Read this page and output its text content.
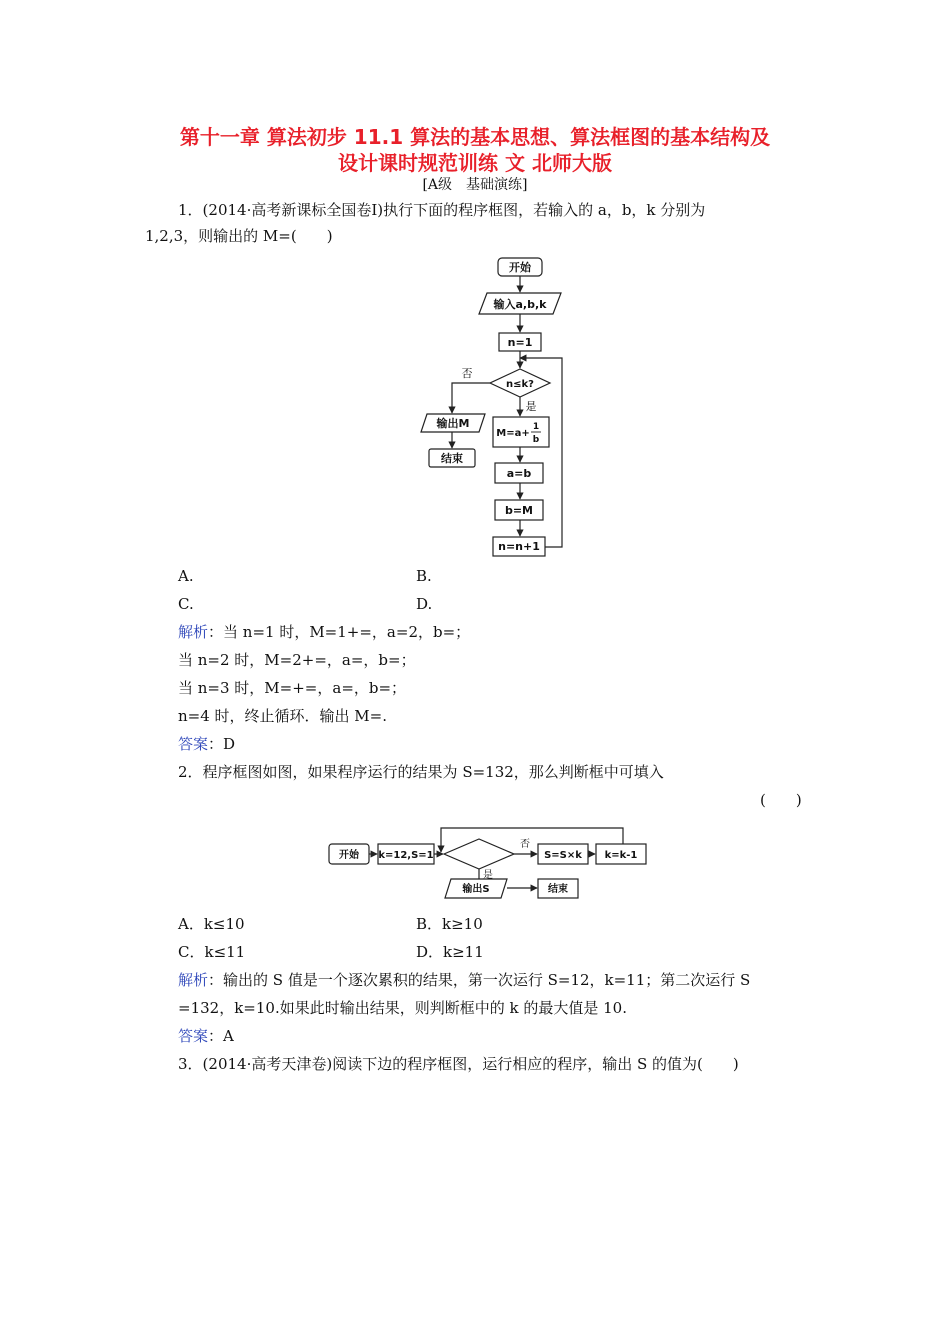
第十一章 算法初步 11.1 算法的基本思想、算法框图的基本结构及
设计课时规范训练 文 北师大版
[A级　基础演练]
1．(2014·高考新课标全国卷Ⅰ)执行下面的程序框图，若输入的 a，b，k 分别为
1,2,3，则输出的 M=(　　)
开始
输入a,b,k
n=1
n≤k?
否
是
输出M
结束
M=a+
1
b
a=b
b=M
n=n+1
A.	B.
C.	D.
解析：当 n=1 时，M=1+=，a=2，b=；
当 n=2 时，M=2+=，a=，b=；
当 n=3 时，M=+=，a=，b=；
n=4 时，终止循环．输出 M=.
答案：D
2．程序框图如图，如果程序运行的结果为 S=132，那么判断框中可填入
(　　)
开始 k=12,S=1
否
是
S=S×k k=k-1
输出S	结束
A．k≤10	B．k≥10
C．k≤11	D．k≥11
解析：输出的 S 值是一个逐次累积的结果，第一次运行 S=12，k=11；第二次运行 S
=132，k=10.如果此时输出结果，则判断框中的 k 的最大值是 10.
答案：A
3．(2014·高考天津卷)阅读下边的程序框图，运行相应的程序，输出 S 的值为(　　)
